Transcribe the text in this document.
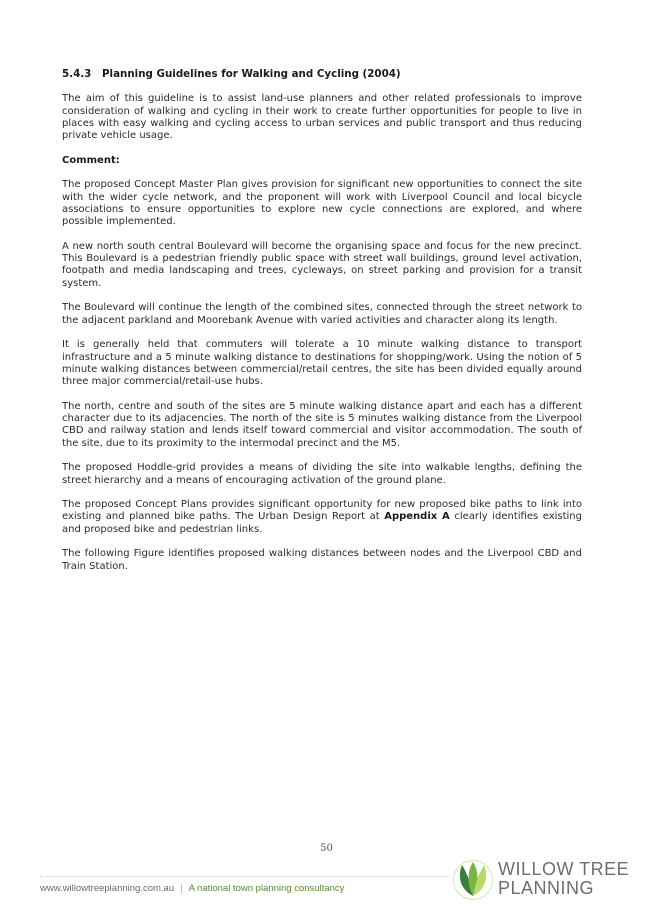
5.4.3 Planning Guidelines for Walking and Cycling (2004)

The aim of this guideline is to assist land-use planners and other related professionals to improve consideration of walking and cycling in their work to create further opportunities for people to live in places with easy walking and cycling access to urban services and public transport and thus reducing private vehicle usage.

Comment:

The proposed Concept Master Plan gives provision for significant new opportunities to connect the site with the wider cycle network, and the proponent will work with Liverpool Council and local bicycle associations to ensure opportunities to explore new cycle connections are explored, and where possible implemented.

A new north south central Boulevard will become the organising space and focus for the new precinct. This Boulevard is a pedestrian friendly public space with street wall buildings, ground level activation, footpath and media landscaping and trees, cycleways, on street parking and provision for a transit system.

The Boulevard will continue the length of the combined sites, connected through the street network to the adjacent parkland and Moorebank Avenue with varied activities and character along its length.

It is generally held that commuters will tolerate a 10 minute walking distance to transport infrastructure and a 5 minute walking distance to destinations for shopping/work. Using the notion of 5 minute walking distances between commercial/retail centres, the site has been divided equally around three major commercial/retail-use hubs.

The north, centre and south of the sites are 5 minute walking distance apart and each has a different character due to its adjacencies. The north of the site is 5 minutes walking distance from the Liverpool CBD and railway station and lends itself toward commercial and visitor accommodation. The south of the site, due to its proximity to the intermodal precinct and the M5.

The proposed Hoddle-grid provides a means of dividing the site into walkable lengths, defining the street hierarchy and a means of encouraging activation of the ground plane.

The proposed Concept Plans provides significant opportunity for new proposed bike paths to link into existing and planned bike paths. The Urban Design Report at Appendix A clearly identifies existing and proposed bike and pedestrian links.

The following Figure identifies proposed walking distances between nodes and the Liverpool CBD and Train Station.

50
www.willowtreeplanning.com.au | A national town planning consultancy
WILLOW TREE
PLANNING
